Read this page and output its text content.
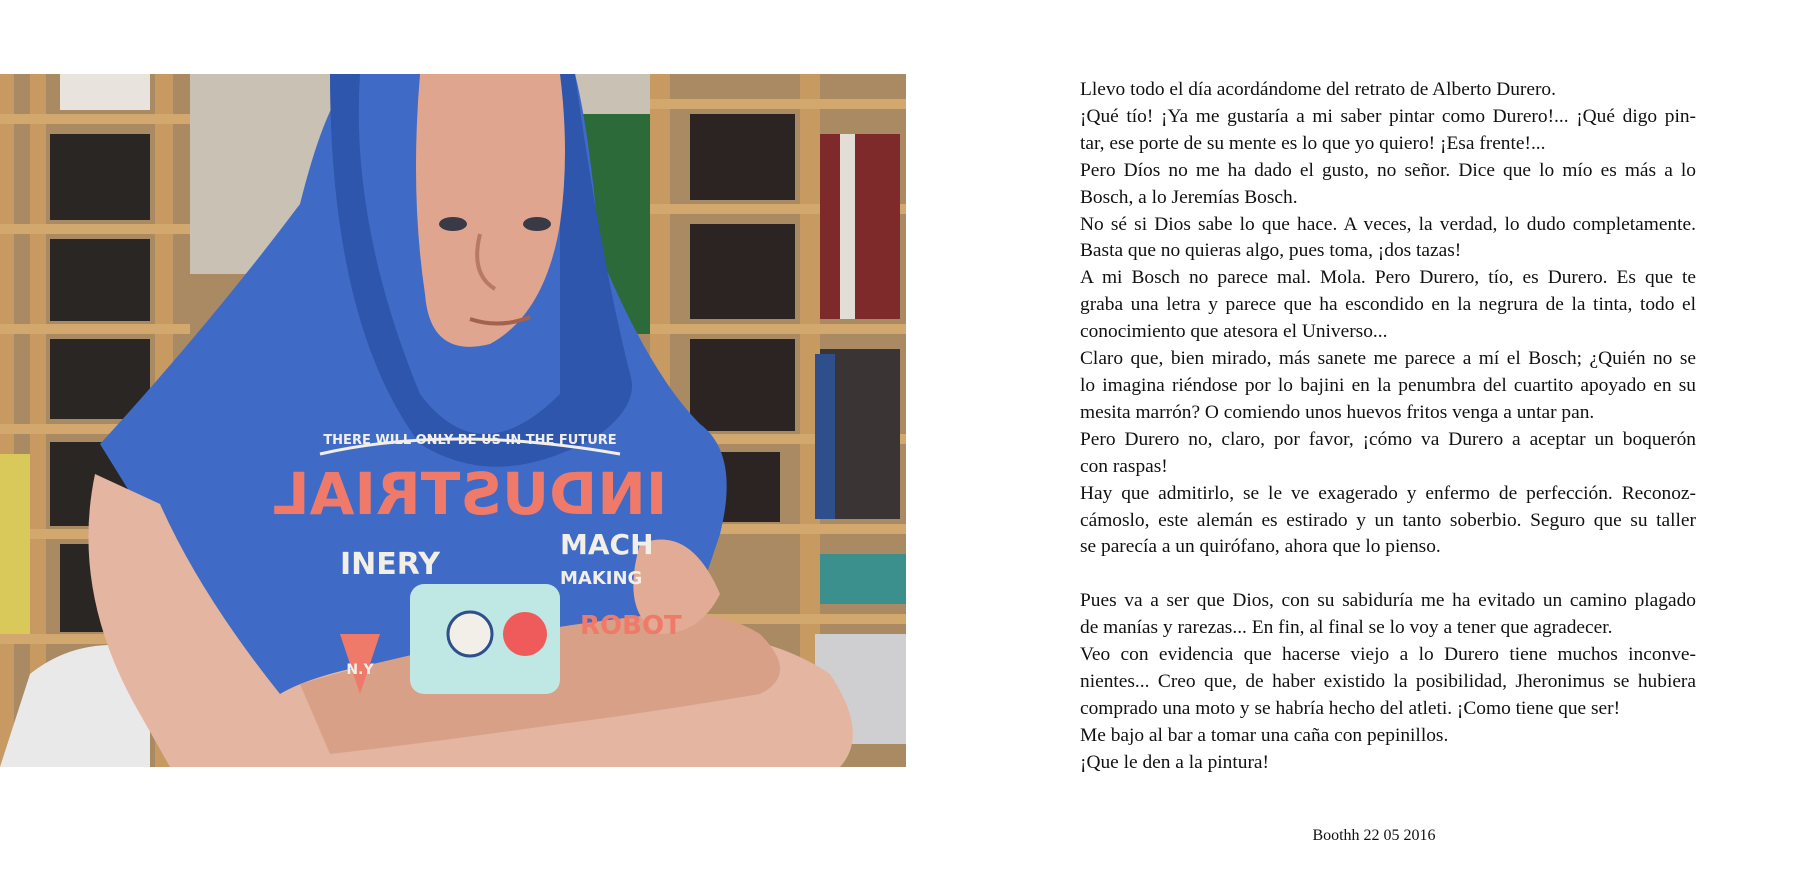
THERE WILL ONLY BE US IN THE FUTURE
INDUSTRIAL
INERY
MACH
MAKING
ROBOT
N.Y
Llevo todo el día acordándome del retrato de Alberto Durero.
¡Qué tío! ¡Ya me gustaría a mi saber pintar como Durero!... ¡Qué digo pin-
tar, ese porte de su mente es lo que yo quiero! ¡Esa frente!...
Pero Díos no me ha dado el gusto, no señor. Dice que lo mío es más a lo
Bosch, a lo Jeremías Bosch.
No sé si Dios sabe lo que hace. A veces, la verdad, lo dudo completamente.
Basta que no quieras algo, pues toma, ¡dos tazas!
A mi Bosch no parece mal. Mola. Pero Durero, tío, es Durero. Es que te
graba una letra y parece que ha escondido en la negrura de la tinta, todo el
conocimiento que atesora el Universo...
Claro que, bien mirado, más sanete me parece a mí el Bosch; ¿Quién no se
lo imagina riéndose por lo bajini en la penumbra del cuartito apoyado en su
mesita marrón? O comiendo unos huevos fritos venga a untar pan.
Pero Durero no, claro, por favor, ¡cómo va Durero a aceptar un boquerón
con raspas!
Hay que admitirlo, se le ve exagerado y enfermo de perfección. Reconoz-
cámoslo, este alemán es estirado y un tanto soberbio. Seguro que su taller
se parecía a un quirófano, ahora que lo pienso.
Pues va a ser que Dios, con su sabiduría me ha evitado un camino plagado
de manías y rarezas... En fin, al final se lo voy a tener que agradecer.
Veo con evidencia que hacerse viejo a lo Durero tiene muchos inconve-
nientes... Creo que, de haber existido la posibilidad, Jheronimus se hubiera
comprado una moto y se habría hecho del atleti. ¡Como tiene que ser!
Me bajo al bar a tomar una caña con pepinillos.
¡Que le den a la pintura!
Boothh 22 05 2016
